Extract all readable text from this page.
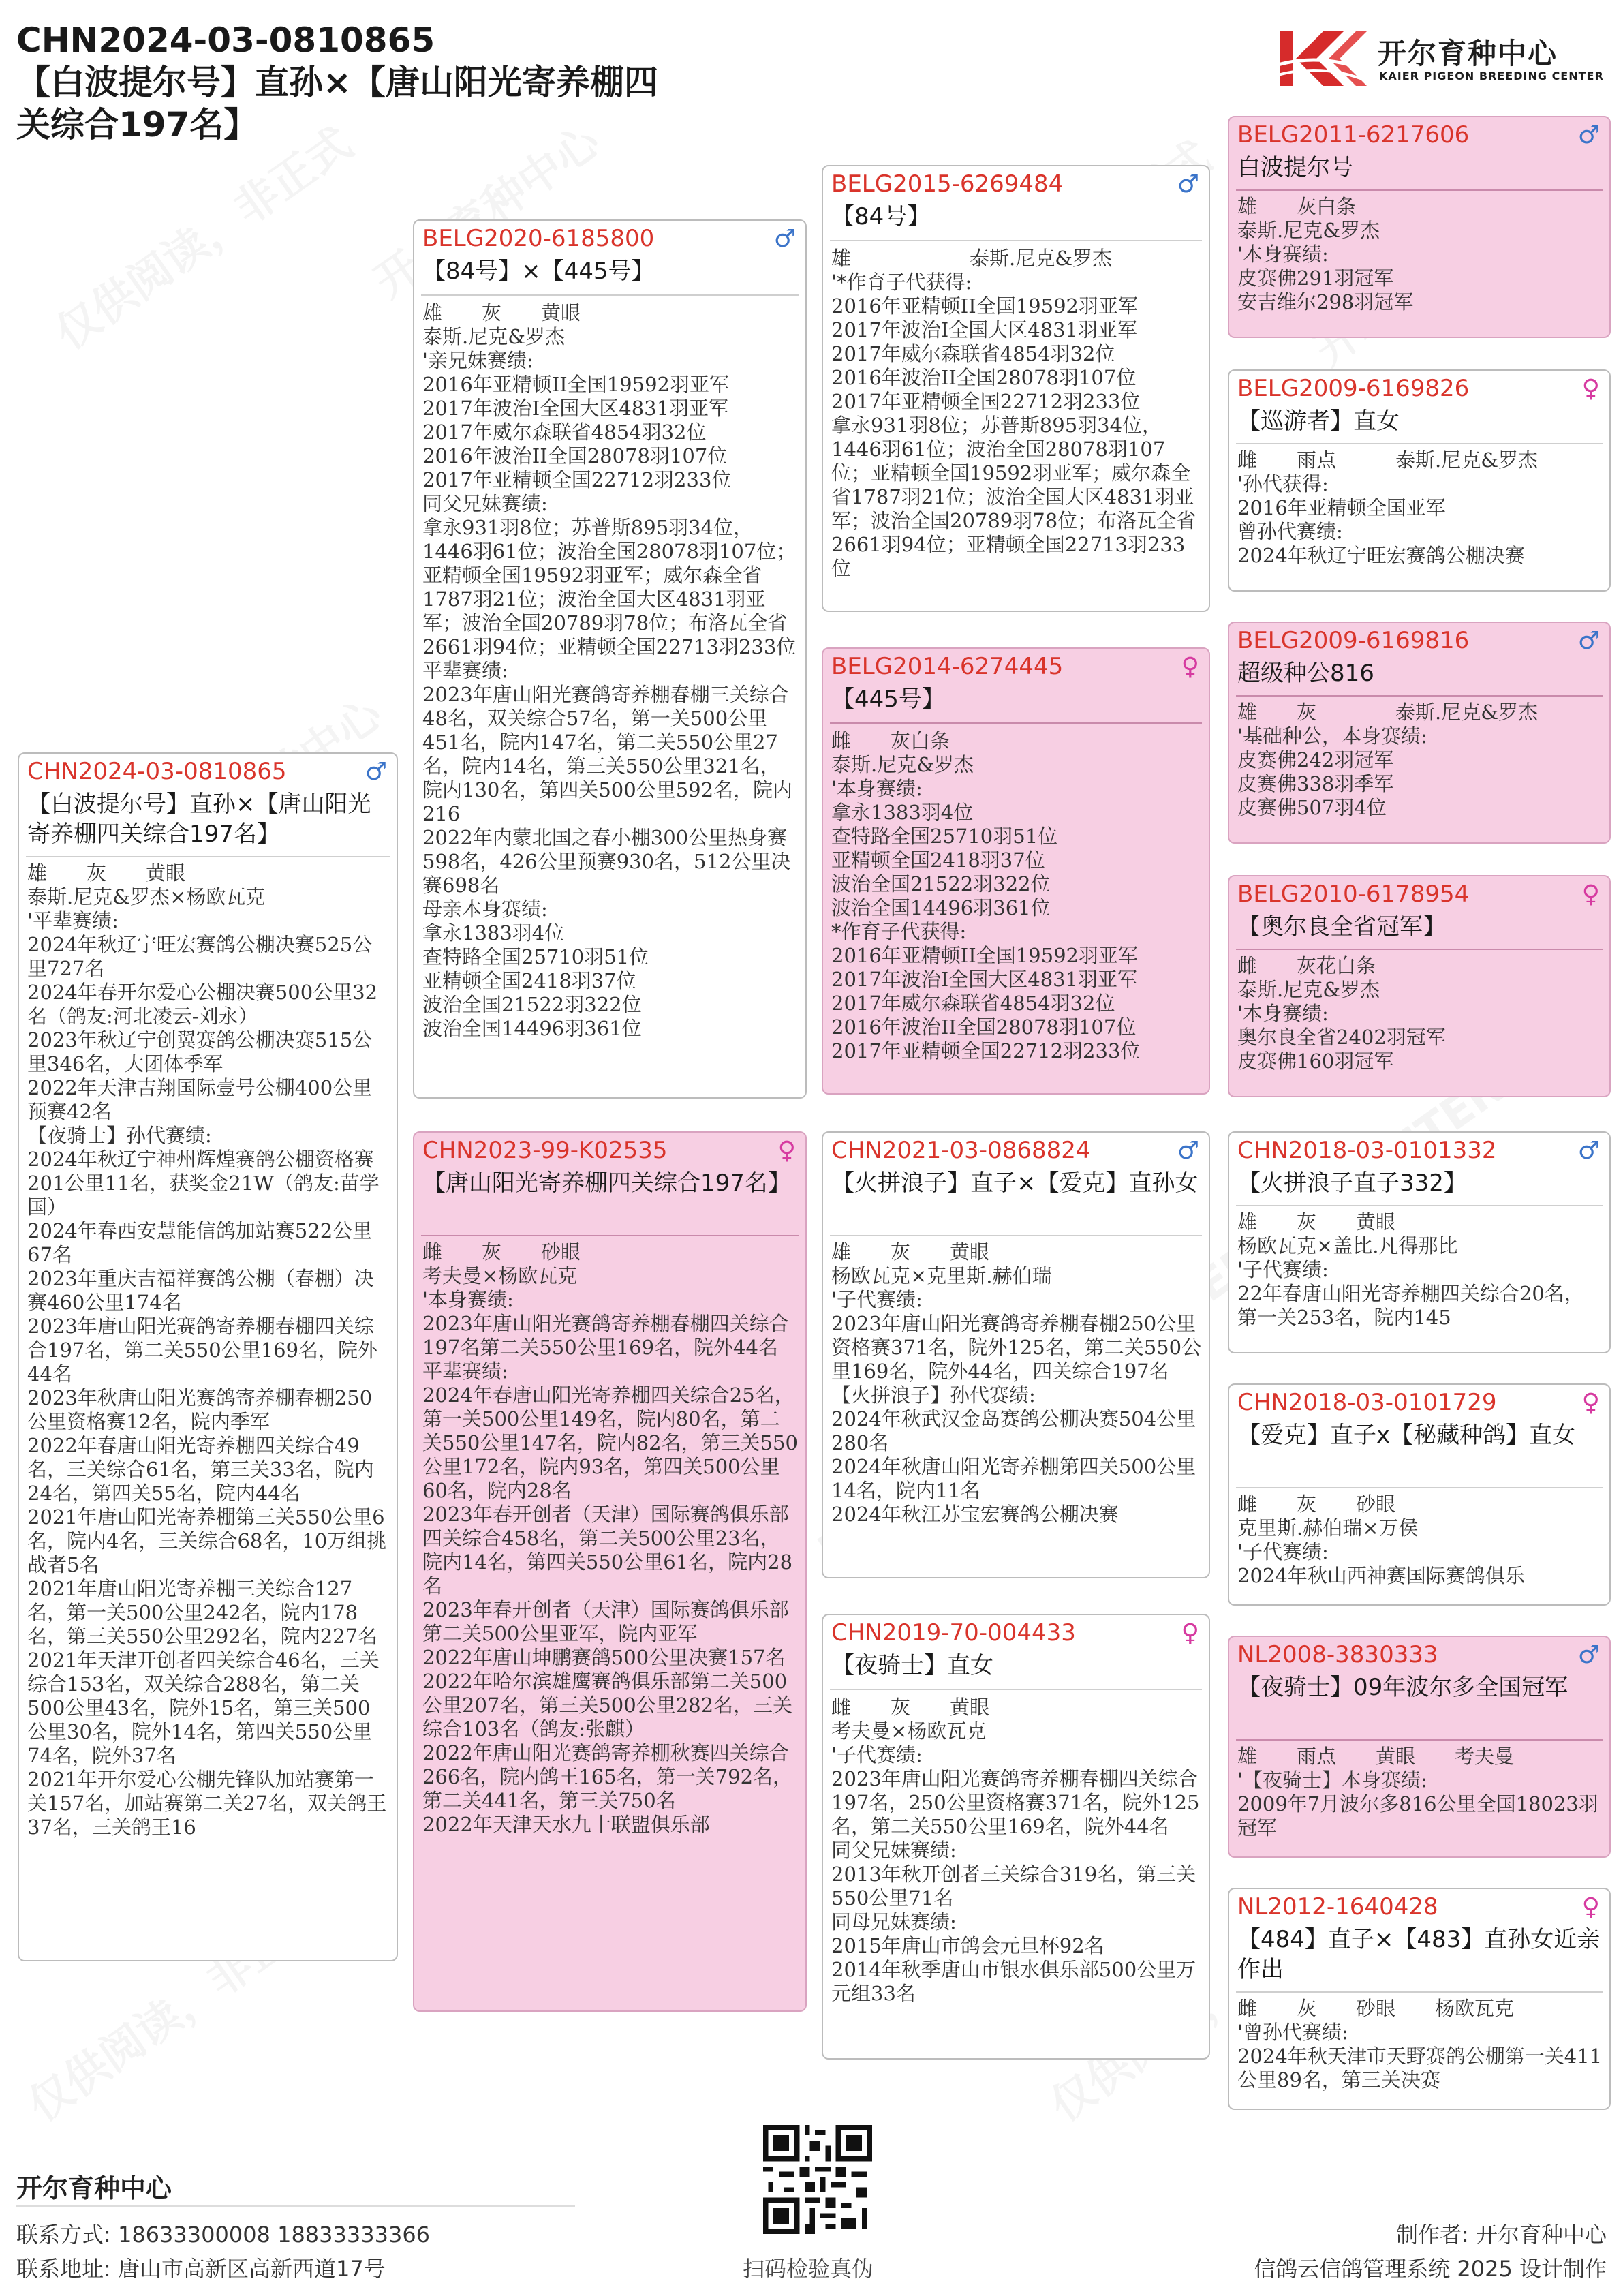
CHN2024-03-0810865
【白波提尔号】直孙×【唐山阳光寄养棚四
关综合197名】
开尔育种中心
KAIER PIGEON BREEDING CENTER
CHN2024-03-0810865	♂
【白波提尔号】直孙×【唐山阳光寄养棚四关综合197名】
雄　　灰　　黄眼
泰斯.尼克&罗杰×杨欧瓦克
'平辈赛绩:
2024年秋辽宁旺宏赛鸽公棚决赛525公里727名
2024年春开尔爱心公棚决赛500公里32名（鸽友:河北凌云-刘永）
2023年秋辽宁创翼赛鸽公棚决赛515公里346名，大团体季军
2022年天津吉翔国际壹号公棚400公里预赛42名
【夜骑士】孙代赛绩:
2024年秋辽宁神州辉煌赛鸽公棚资格赛201公里11名，获奖金21W（鸽友:苗学国）
2024年春西安慧能信鸽加站赛522公里67名
2023年重庆吉福祥赛鸽公棚（春棚）决赛460公里174名
2023年唐山阳光赛鸽寄养棚春棚四关综合197名，第二关550公里169名，院外44名
2023年秋唐山阳光赛鸽寄养棚春棚250公里资格赛12名，院内季军
2022年春唐山阳光寄养棚四关综合49名，三关综合61名，第三关33名，院内24名，第四关55名，院内44名
2021年唐山阳光寄养棚第三关550公里6名，院内4名，三关综合68名，10万组挑战者5名
2021年唐山阳光寄养棚三关综合127名，第一关500公里242名，院内178名，第三关550公里292名，院内227名
2021年天津开创者四关综合46名，三关综合153名，双关综合288名，第二关500公里43名，院外15名，第三关500公里30名，院外14名，第四关550公里74名，院外37名
2021年开尔爱心公棚先锋队加站赛第一关157名，加站赛第二关27名，双关鸽王37名，三关鸽王16
BELG2020-6185800	♂
【84号】×【445号】
雄　　灰　　黄眼
泰斯.尼克&罗杰
'亲兄妹赛绩:
2016年亚精顿II全国19592羽亚军
2017年波治I全国大区4831羽亚军
2017年威尔森联省4854羽32位
2016年波治II全国28078羽107位
2017年亚精顿全国22712羽233位
同父兄妹赛绩:
拿永931羽8位；苏普斯895羽34位，1446羽61位；波治全国28078羽107位；亚精顿全国19592羽亚军；威尔森全省1787羽21位；波治全国大区4831羽亚军；波治全国20789羽78位；布洛瓦全省2661羽94位；亚精顿全国22713羽233位
平辈赛绩:
2023年唐山阳光赛鸽寄养棚春棚三关综合48名，双关综合57名，第一关500公里451名，院内147名，第二关550公里27名，院内14名，第三关550公里321名，院内130名，第四关500公里592名，院内216
2022年内蒙北国之春小棚300公里热身赛598名，426公里预赛930名，512公里决赛698名
母亲本身赛绩:
拿永1383羽4位
查特路全国25710羽51位
亚精顿全国2418羽37位
波治全国21522羽322位
波治全国14496羽361位
CHN2023-99-K02535	♀
【唐山阳光寄养棚四关综合197名】
雌　　灰　　砂眼
考夫曼×杨欧瓦克
'本身赛绩:
2023年唐山阳光赛鸽寄养棚春棚四关综合197名第二关550公里169名，院外44名
平辈赛绩:
2024年春唐山阳光寄养棚四关综合25名，第一关500公里149名，院内80名，第二关550公里147名，院内82名，第三关550公里172名，院内93名，第四关500公里60名，院内28名
2023年春开创者（天津）国际赛鸽俱乐部四关综合458名，第二关500公里23名，院内14名，第四关550公里61名，院内28名
2023年春开创者（天津）国际赛鸽俱乐部第二关500公里亚军，院内亚军
2022年唐山坤鹏赛鸽500公里决赛157名
2022年哈尔滨雄鹰赛鸽俱乐部第二关500公里207名，第三关500公里282名，三关综合103名（鸽友:张麒）
2022年唐山阳光赛鸽寄养棚秋赛四关综合266名，院内鸽王165名，第一关792名，第二关441名，第三关750名
2022年天津天水九十联盟俱乐部
BELG2015-6269484	♂
【84号】
雄　　　　　　泰斯.尼克&罗杰
'*作育子代获得:
2016年亚精顿II全国19592羽亚军
2017年波治I全国大区4831羽亚军
2017年威尔森联省4854羽32位
2016年波治II全国28078羽107位
2017年亚精顿全国22712羽233位
拿永931羽8位；苏普斯895羽34位，1446羽61位；波治全国28078羽107位；亚精顿全国19592羽亚军；威尔森全省1787羽21位；波治全国大区4831羽亚军；波治全国20789羽78位；布洛瓦全省2661羽94位；亚精顿全国22713羽233位
BELG2014-6274445	♀
【445号】
雌　　灰白条
泰斯.尼克&罗杰
'本身赛绩:
拿永1383羽4位
查特路全国25710羽51位
亚精顿全国2418羽37位
波治全国21522羽322位
波治全国14496羽361位
*作育子代获得:
2016年亚精顿II全国19592羽亚军
2017年波治I全国大区4831羽亚军
2017年威尔森联省4854羽32位
2016年波治II全国28078羽107位
2017年亚精顿全国22712羽233位
CHN2021-03-0868824	♂
【火拼浪子】直子×【爱克】直孙女
雄　　灰　　黄眼
杨欧瓦克×克里斯.赫伯瑞
'子代赛绩:
2023年唐山阳光赛鸽寄养棚春棚250公里资格赛371名，院外125名，第二关550公里169名，院外44名，四关综合197名
【火拼浪子】孙代赛绩:
2024年秋武汉金岛赛鸽公棚决赛504公里280名
2024年秋唐山阳光寄养棚第四关500公里14名，院内11名
2024年秋江苏宝宏赛鸽公棚决赛
CHN2019-70-004433	♀
【夜骑士】直女
雌　　灰　　黄眼
考夫曼×杨欧瓦克
'子代赛绩:
2023年唐山阳光赛鸽寄养棚春棚四关综合197名，250公里资格赛371名，院外125名，第二关550公里169名，院外44名
同父兄妹赛绩:
2013年秋开创者三关综合319名，第三关550公里71名
同母兄妹赛绩:
2015年唐山市鸽会元旦杯92名
2014年秋季唐山市银水俱乐部500公里万元组33名
BELG2011-6217606	♂
白波提尔号
雄　　灰白条
泰斯.尼克&罗杰
'本身赛绩:
皮赛佛291羽冠军
安吉维尔298羽冠军
BELG2009-6169826	♀
【巡游者】直女
雌　　雨点　　　泰斯.尼克&罗杰
'孙代获得:
2016年亚精顿全国亚军
曾孙代赛绩:
2024年秋辽宁旺宏赛鸽公棚决赛
BELG2009-6169816	♂
超级种公816
雄　　灰　　　　泰斯.尼克&罗杰
'基础种公，本身赛绩:
皮赛佛242羽冠军
皮赛佛338羽季军
皮赛佛507羽4位
BELG2010-6178954	♀
【奥尔良全省冠军】
雌　　灰花白条
泰斯.尼克&罗杰
'本身赛绩:
奥尔良全省2402羽冠军
皮赛佛160羽冠军
CHN2018-03-0101332	♂
【火拼浪子直子332】
雄　　灰　　黄眼
杨欧瓦克×盖比.凡得那比
'子代赛绩:
22年春唐山阳光寄养棚四关综合20名，第一关253名，院内145
CHN2018-03-0101729	♀
【爱克】直子x【秘藏种鸽】直女
雌　　灰　　砂眼
克里斯.赫伯瑞×万侯
'子代赛绩:
2024年秋山西神赛国际赛鸽俱乐
NL2008-3830333	♂
【夜骑士】09年波尔多全国冠军
雄　　雨点　　黄眼　　考夫曼
'【夜骑士】本身赛绩:
2009年7月波尔多816公里全国18023羽冠军
NL2012-1640428	♀
【484】直子×【483】直孙女近亲作出
雌　　灰　　砂眼　　杨欧瓦克
'曾孙代赛绩:
2024年秋天津市天野赛鸽公棚第一关411公里89名，第三关决赛
开尔育种中心
联系方式: 18633300008 18833333366
联系地址: 唐山市高新区高新西道17号	扫码检验真伪
制作者: 开尔育种中心
信鸽云信鸽管理系统 2025 设计制作
